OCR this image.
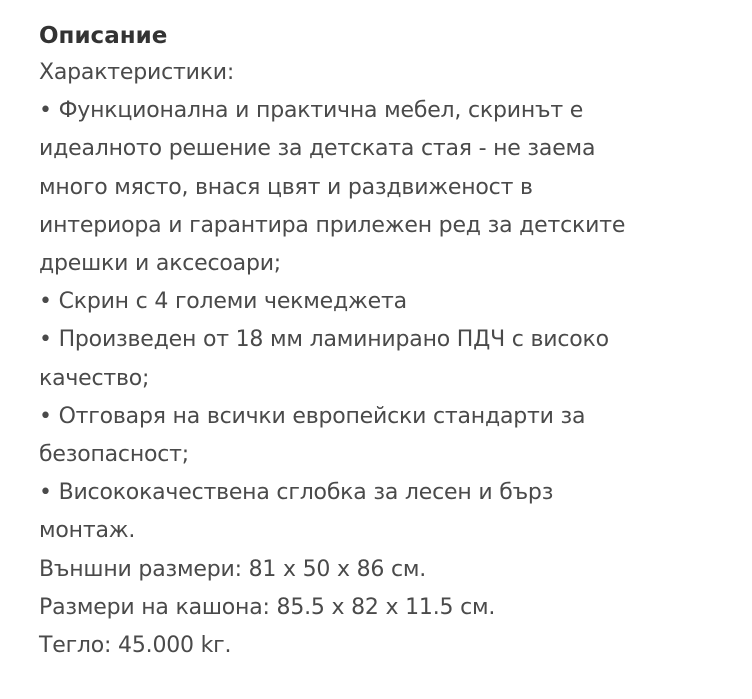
Описание
Характеристики:
• Функционална и практична мебел, скринът е
идеалното решение за детската стая - не заема
много място, внася цвят и раздвиженост в
интериора и гарантира прилежен ред за детските
дрешки и аксесоари;
• Скрин с 4 големи чекмеджета
• Произведен от 18 мм ламинирано ПДЧ с високо
качество;
• Отговаря на всички европейски стандарти за
безопасност;
• Висококачествена сглобка за лесен и бърз
монтаж.
Външни размери: 81 x 50 x 86 см.
Размери на кашона: 85.5 x 82 x 11.5 см.
Тегло: 45.000 kг.
